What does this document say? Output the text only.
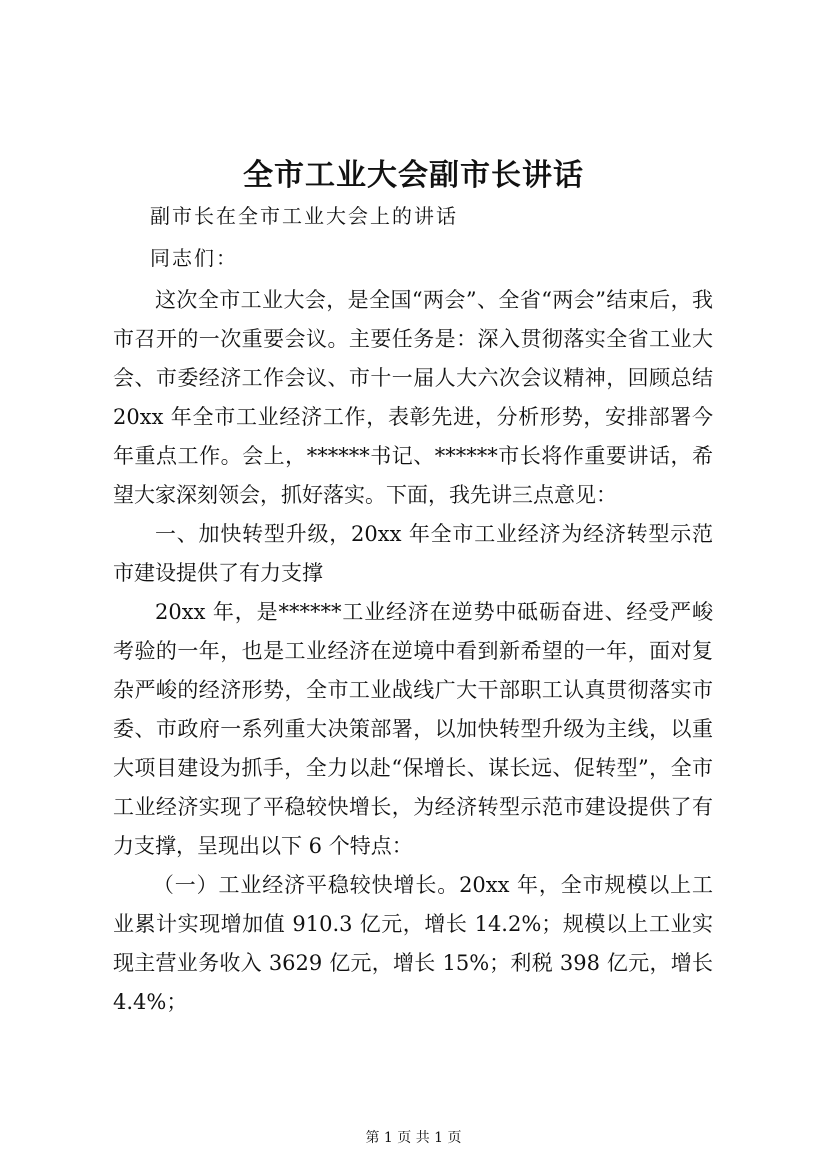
全市工业大会副市长讲话
副市长在全市工业大会上的讲话
同志们：

这次全市工业大会，是全国“两会”、全省“两会”结束后，我市召开的一次重要会议。主要任务是：深入贯彻落实全省工业大会、市委经济工作会议、市十一届人大六次会议精神，回顾总结 20xx 年全市工业经济工作，表彰先进，分析形势，安排部署今年重点工作。会上，******书记、******市长将作重要讲话，希望大家深刻领会，抓好落实。下面，我先讲三点意见：

一、加快转型升级，20xx 年全市工业经济为经济转型示范市建设提供了有力支撑

20xx 年，是******工业经济在逆势中砥砺奋进、经受严峻考验的一年，也是工业经济在逆境中看到新希望的一年，面对复杂严峻的经济形势，全市工业战线广大干部职工认真贯彻落实市委、市政府一系列重大决策部署，以加快转型升级为主线，以重大项目建设为抓手，全力以赴“保增长、谋长远、促转型”，全市工业经济实现了平稳较快增长，为经济转型示范市建设提供了有力支撑，呈现出以下 6 个特点：

（一）工业经济平稳较快增长。20xx 年，全市规模以上工业累计实现增加值 910.3 亿元，增长 14.2%；规模以上工业实现主营业务收入 3629 亿元，增长 15%；利税 398 亿元，增长 4.4%；

第 1 页 共 1 页
